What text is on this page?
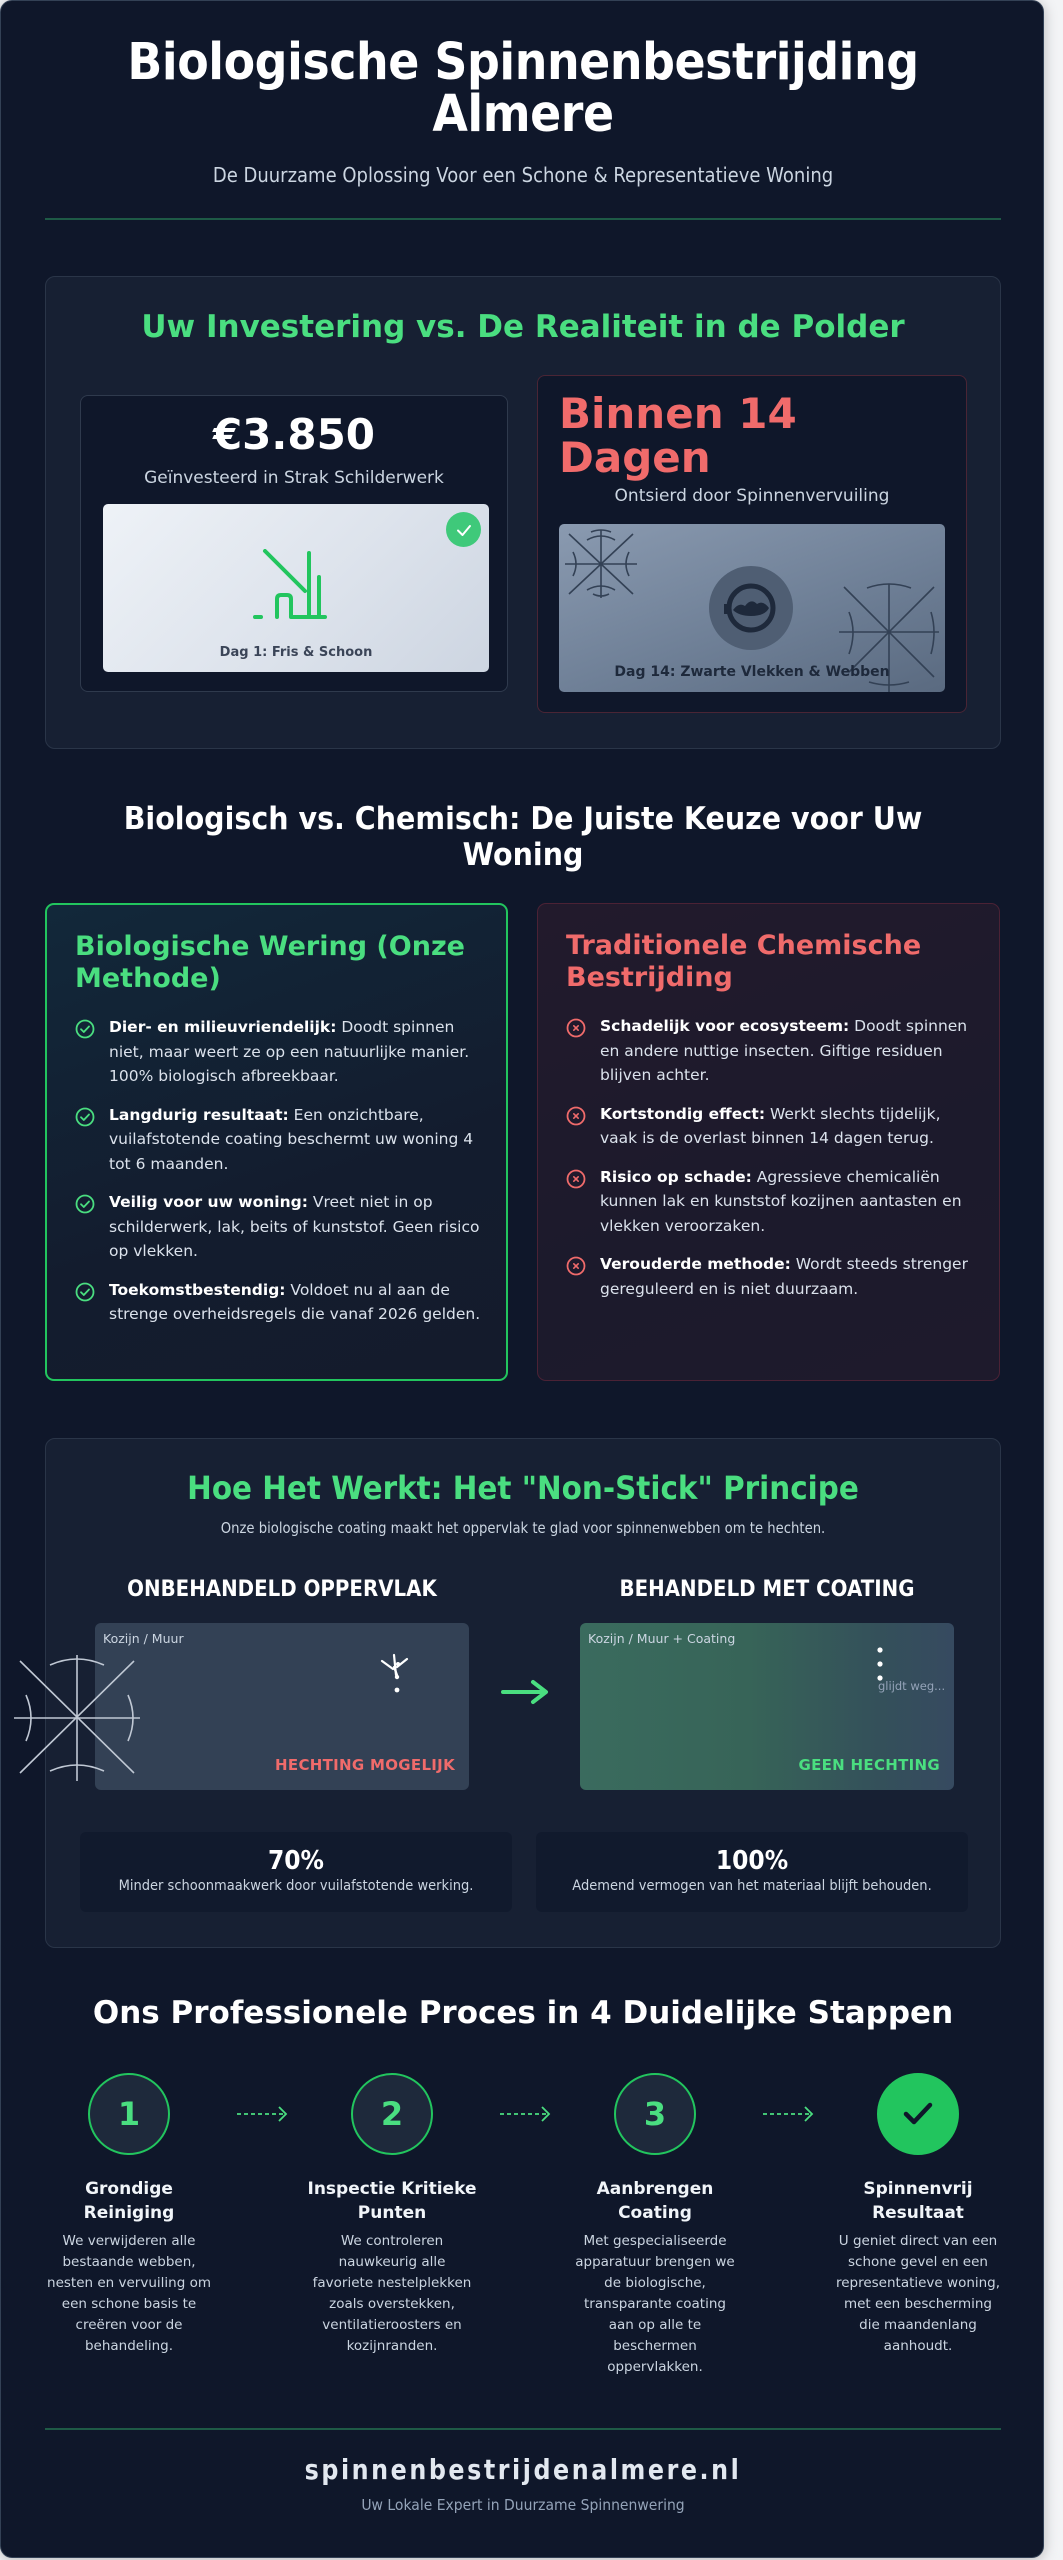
Biologische Spinnenbestrijding Almere

De Duurzame Oplossing Voor een Schone & Representatieve Woning

Uw Investering vs. De Realiteit in de Polder
€3.850
Geïnvesteerd in Strak Schilderwerk
Dag 1: Fris & Schoon
Binnen 14 Dagen
Ontsierd door Spinnenvervuiling
Dag 14: Zwarte Vlekken & Webben
Biologisch vs. Chemisch: De Juiste Keuze voor Uw Woning
Biologische Wering (Onze Methode)
Dier- en milieuvriendelijk: Doodt spinnen niet, maar weert ze op een natuurlijke manier. 100% biologisch afbreekbaar.
Langdurig resultaat: Een onzichtbare, vuilafstotende coating beschermt uw woning 4 tot 6 maanden.
Veilig voor uw woning: Vreet niet in op schilderwerk, lak, beits of kunststof. Geen risico op vlekken.
Toekomstbestendig: Voldoet nu al aan de strenge overheidsregels die vanaf 2026 gelden.
Traditionele Chemische Bestrijding
Schadelijk voor ecosysteem: Doodt spinnen en andere nuttige insecten. Giftige residuen blijven achter.
Kortstondig effect: Werkt slechts tijdelijk, vaak is de overlast binnen 14 dagen terug.
Risico op schade: Agressieve chemicaliën kunnen lak en kunststof kozijnen aantasten en vlekken veroorzaken.
Verouderde methode: Wordt steeds strenger gereguleerd en is niet duurzaam.
Hoe Het Werkt: Het "Non-Stick" Principe

Onze biologische coating maakt het oppervlak te glad voor spinnenwebben om te hechten.

ONBEHANDELD OPPERVLAK	BEHANDELD MET COATING
Kozijn / Muur
HECHTING MOGELIJK
Kozijn / Muur + Coating
glijdt weg...
GEEN HECHTING
70%
Minder schoonmaakwerk door vuilafstotende werking.
100%
Ademend vermogen van het materiaal blijft behouden.
Ons Professionele Proces in 4 Duidelijke Stappen
1
Grondige Reiniging
We verwijderen alle bestaande webben, nesten en vervuiling om een schone basis te creëren voor de behandeling.
2
Inspectie Kritieke Punten
We controleren nauwkeurig alle favoriete nestelplekken zoals overstekken, ventilatieroosters en kozijnranden.
3
Aanbrengen Coating
Met gespecialiseerde apparatuur brengen we de biologische, transparante coating aan op alle te beschermen oppervlakken.
Spinnenvrij Resultaat
U geniet direct van een schone gevel en een representatieve woning, met een bescherming die maandenlang aanhoudt.
spinnenbestrijdenalmere.nl

Uw Lokale Expert in Duurzame Spinnenwering
